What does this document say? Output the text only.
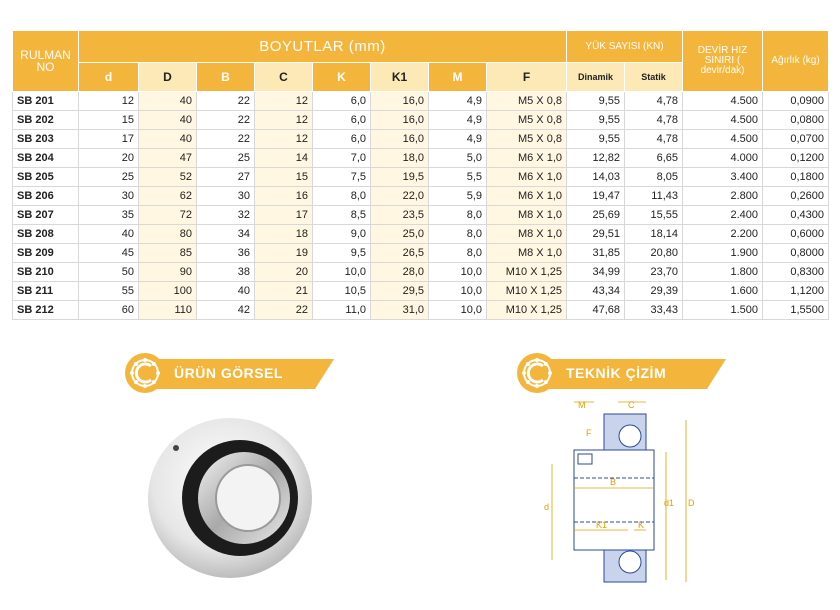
RULMAN NO	BOYUTLAR (mm)								YÜK SAYISI (KN)		DEVİR HIZ SINIRI ( devir/dak)	Ağırlık (kg)
	d	D	B	C	K	K1	M	F	Dinamik	Statik		
SB 201	12	40	22	12	6,0	16,0	4,9	M5 X 0,8	9,55	4,78	4.500	0,0900
SB 202	15	40	22	12	6,0	16,0	4,9	M5 X 0,8	9,55	4,78	4.500	0,0800
SB 203	17	40	22	12	6,0	16,0	4,9	M5 X 0,8	9,55	4,78	4.500	0,0700
SB 204	20	47	25	14	7,0	18,0	5,0	M6 X 1,0	12,82	6,65	4.000	0,1200
SB 205	25	52	27	15	7,5	19,5	5,5	M6 X 1,0	14,03	8,05	3.400	0,1800
SB 206	30	62	30	16	8,0	22,0	5,9	M6 X 1,0	19,47	11,43	2.800	0,2600
SB 207	35	72	32	17	8,5	23,5	8,0	M8 X 1,0	25,69	15,55	2.400	0,4300
SB 208	40	80	34	18	9,0	25,0	8,0	M8 X 1,0	29,51	18,14	2.200	0,6000
SB 209	45	85	36	19	9,5	26,5	8,0	M8 X 1,0	31,85	20,80	1.900	0,8000
SB 210	50	90	38	20	10,0	28,0	10,0	M10 X 1,25	34,99	23,70	1.800	0,8300
SB 211	55	100	40	21	10,5	29,5	10,0	M10 X 1,25	43,34	29,39	1.600	1,1200
SB 212	60	110	42	22	11,0	31,0	10,0	M10 X 1,25	47,68	33,43	1.500	1,5500
ÜRÜN GÖRSEL	TEKNİK ÇİZİM
M	C
F
B
d	d1 D
K1	K
